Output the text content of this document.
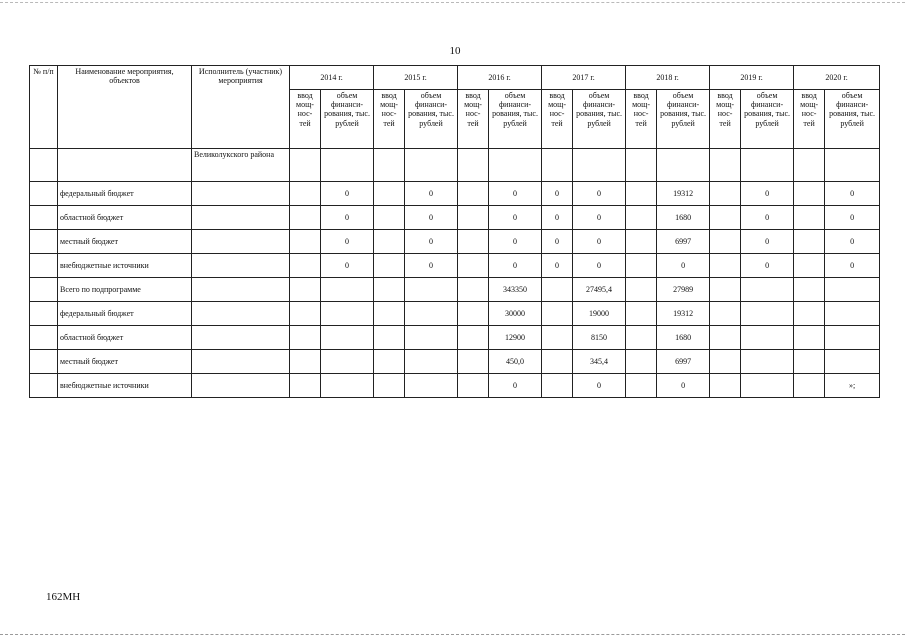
10
№ п/п	Наименование мероприятия, объектов	Исполнитель (участник) мероприятия	2014 г.		2015 г.		2016 г.		2017 г.		2018 г.		2019 г.		2020 г.	
			ввод мощ-нос-тей	объем финанси-рования, тыс. рублей	ввод мощ-нос-тей	объем финанси-рования, тыс. рублей	ввод мощ-нос-тей	объем финанси-рования, тыс. рублей	ввод мощ-нос-тей	объем финанси-рования, тыс. рублей	ввод мощ-нос-тей	объем финанси-рования, тыс. рублей	ввод мощ-нос-тей	объем финанси-рования, тыс. рублей	ввод мощ-нос-тей	объем финанси-рования, тыс. рублей
		Великолукского района														
	федеральный бюджет			0		0		0	0	0		19312		0		0
	областной бюджет			0		0		0	0	0		1680		0		0
	местный бюджет			0		0		0	0	0		6997		0		0
	внебюджетные источники			0		0		0	0	0		0		0		0
	Всего по подпрограмме							343350		27495,4		27989				
	федеральный бюджет							30000		19000		19312				
	областной бюджет							12900		8150		1680				
	местный бюджет							450,0		345,4		6997				
	внебюджетные источники							0		0		0				»;
162МН
